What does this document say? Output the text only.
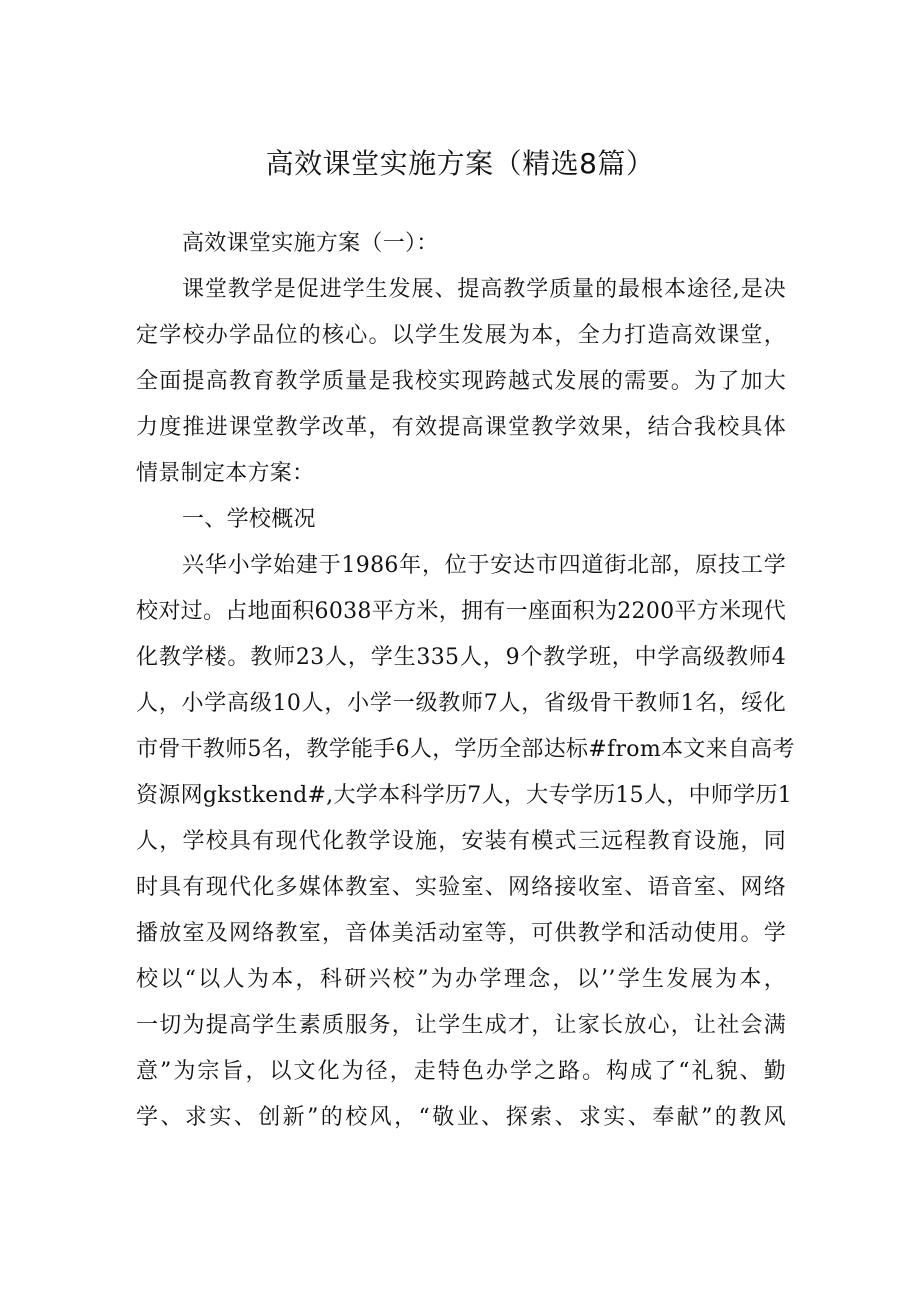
高效课堂实施方案（精选8篇）
高效课堂实施方案（一）：
课堂教学是促进学生发展、提高教学质量的最根本途径,是决
定学校办学品位的核心。以学生发展为本，全力打造高效课堂，
全面提高教育教学质量是我校实现跨越式发展的需要。为了加大
力度推进课堂教学改革，有效提高课堂教学效果，结合我校具体
情景制定本方案：
一、学校概况
兴华小学始建于1986年，位于安达市四道街北部，原技工学
校对过。占地面积6038平方米，拥有一座面积为2200平方米现代
化教学楼。教师23人，学生335人，9个教学班，中学高级教师4
人，小学高级10人，小学一级教师7人，省级骨干教师1名，绥化
市骨干教师5名，教学能手6人，学历全部达标#from本文来自高考
资源网gkstkend#,大学本科学历7人，大专学历15人，中师学历1
人，学校具有现代化教学设施，安装有模式三远程教育设施，同
时具有现代化多媒体教室、实验室、网络接收室、语音室、网络
播放室及网络教室，音体美活动室等，可供教学和活动使用。学
校以“以人为本，科研兴校”为办学理念，以’’学生发展为本，
一切为提高学生素质服务，让学生成才，让家长放心，让社会满
意”为宗旨，以文化为径，走特色办学之路。构成了“礼貌、勤
学、求实、创新”的校风，“敬业、探索、求实、奉献”的教风
